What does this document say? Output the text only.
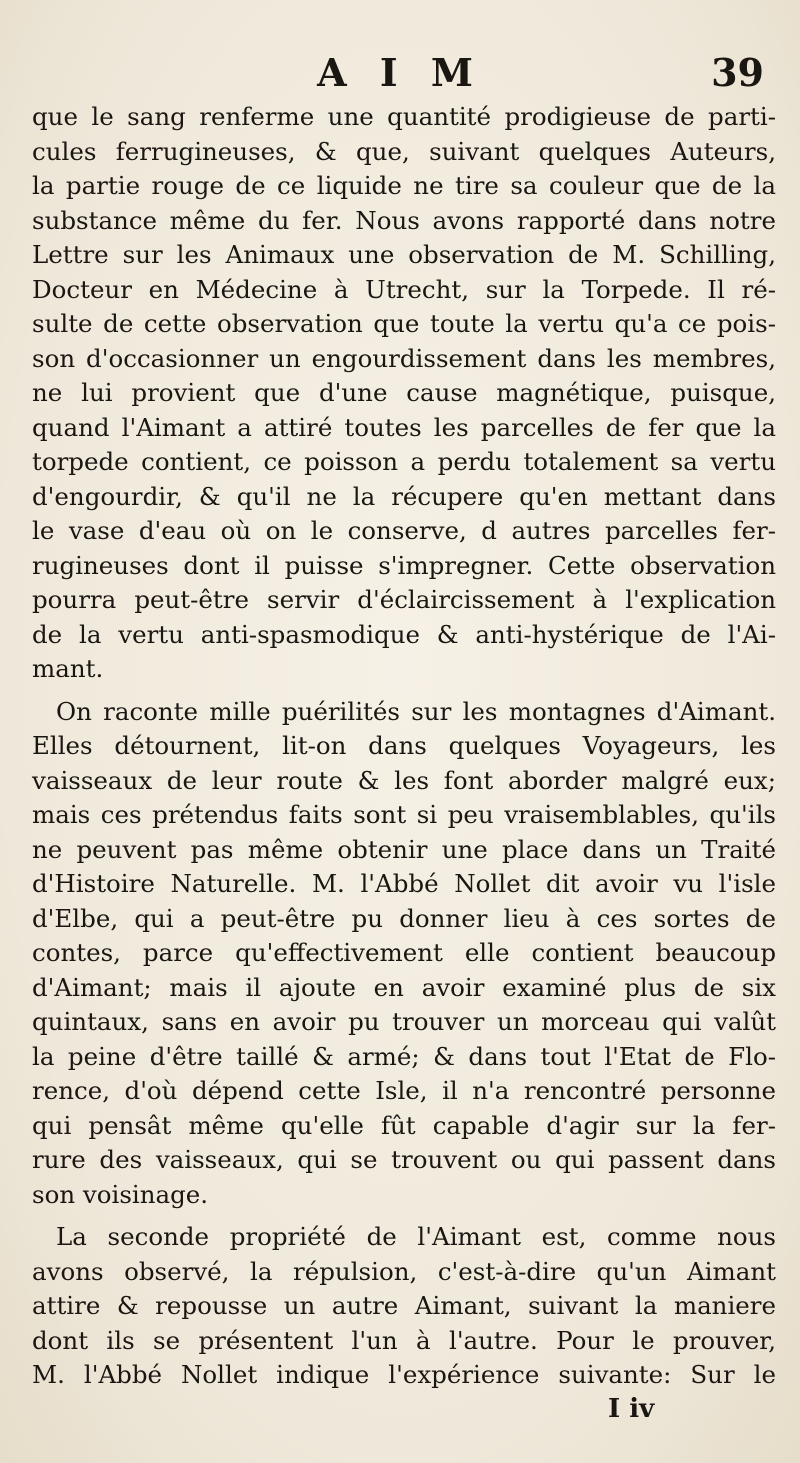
A I M	39

que le sang renferme une quantité prodigieuse de parti-

cules ferrugineuses, & que, suivant quelques Auteurs,

la partie rouge de ce liquide ne tire sa couleur que de la

substance même du fer. Nous avons rapporté dans notre

Lettre sur les Animaux une observation de M. Schilling,

Docteur en Médecine à Utrecht, sur la Torpede. Il ré-

sulte de cette observation que toute la vertu qu'a ce pois-

son d'occasionner un engourdissement dans les membres,

ne lui provient que d'une cause magnétique, puisque,

quand l'Aimant a attiré toutes les parcelles de fer que la

torpede contient, ce poisson a perdu totalement sa vertu

d'engourdir, & qu'il ne la récupere qu'en mettant dans

le vase d'eau où on le conserve, d autres parcelles fer-

rugineuses dont il puisse s'impregner. Cette observation

pourra peut-être servir d'éclaircissement à l'explication

de la vertu anti-spasmodique & anti-hystérique de l'Ai-

mant.

On raconte mille puérilités sur les montagnes d'Aimant.

Elles détournent, lit-on dans quelques Voyageurs, les

vaisseaux de leur route & les font aborder malgré eux;

mais ces prétendus faits sont si peu vraisemblables, qu'ils

ne peuvent pas même obtenir une place dans un Traité

d'Histoire Naturelle. M. l'Abbé Nollet dit avoir vu l'isle

d'Elbe, qui a peut-être pu donner lieu à ces sortes de

contes, parce qu'effectivement elle contient beaucoup

d'Aimant; mais il ajoute en avoir examiné plus de six

quintaux, sans en avoir pu trouver un morceau qui valût

la peine d'être taillé & armé; & dans tout l'Etat de Flo-

rence, d'où dépend cette Isle, il n'a rencontré personne

qui pensât même qu'elle fût capable d'agir sur la fer-

rure des vaisseaux, qui se trouvent ou qui passent dans

son voisinage.

La seconde propriété de l'Aimant est, comme nous

avons observé, la répulsion, c'est-à-dire qu'un Aimant

attire & repousse un autre Aimant, suivant la maniere

dont ils se présentent l'un à l'autre. Pour le prouver,

M. l'Abbé Nollet indique l'expérience suivante: Sur le

I iv
